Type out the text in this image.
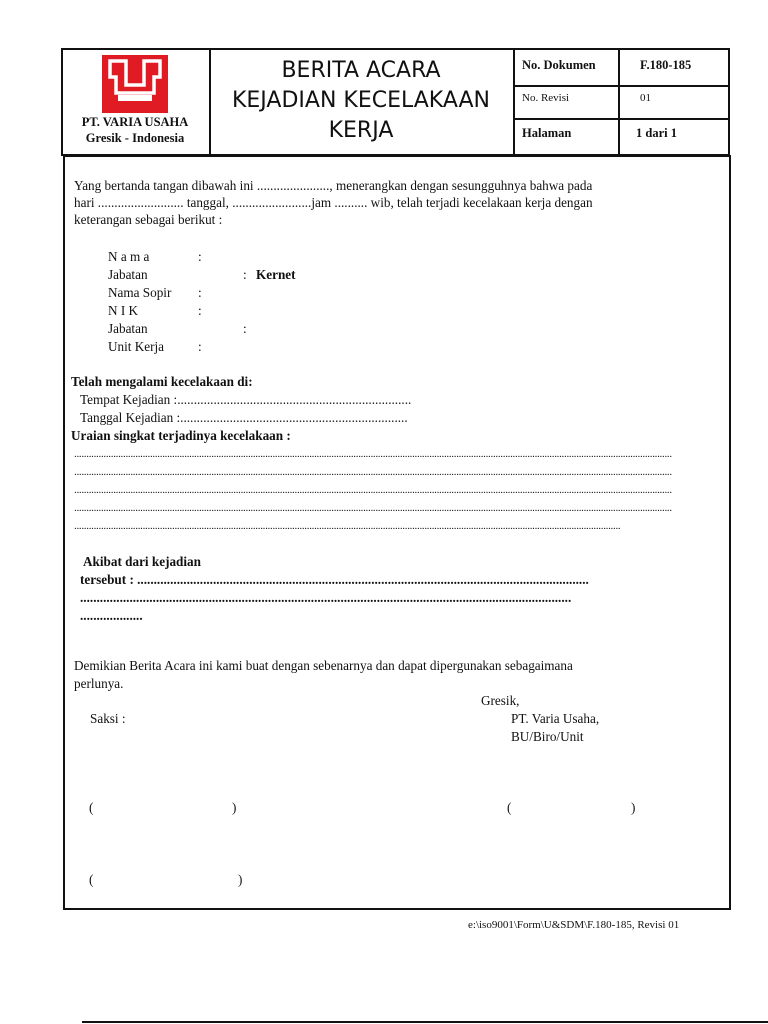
PT. VARIA USAHA
Gresik - Indonesia
BERITA ACARA
KEJADIAN KECELAKAAN
KERJA
No. Dokumen	F.180-185
No. Revisi	01
Halaman	1 dari 1
Yang bertanda tangan dibawah ini ......................, menerangkan dengan sesungguhnya bahwa pada
hari .......................... tanggal, ........................jam .......... wib, telah terjadi kecelakaan kerja dengan
keterangan sebagai berikut :
N a m a	:
Jabatan	: Kernet
Nama Sopir :
N I K	:
Jabatan	:
Unit Kerja	:
Telah mengalami kecelakaan di:
Tempat Kejadian :.......................................................................
Tanggal Kejadian :.....................................................................
Uraian singkat terjadinya kecelakaan :
....................................................................................................................................................................................................................................................
....................................................................................................................................................................................................................................................
....................................................................................................................................................................................................................................................
....................................................................................................................................................................................................................................................
...............................................................................................................................................................................................................................
Akibat dari kejadian
tersebut : .........................................................................................................................................
.....................................................................................................................................................
...................
Demikian Berita Acara ini kami buat dengan sebenarnya dan dapat dipergunakan sebagaimana
perlunya.
Gresik,
PT. Varia Usaha,
BU/Biro/Unit
Saksi :
(	)	(	)
(	)
e:\iso9001\Form\U&SDM\F.180-185, Revisi 01
